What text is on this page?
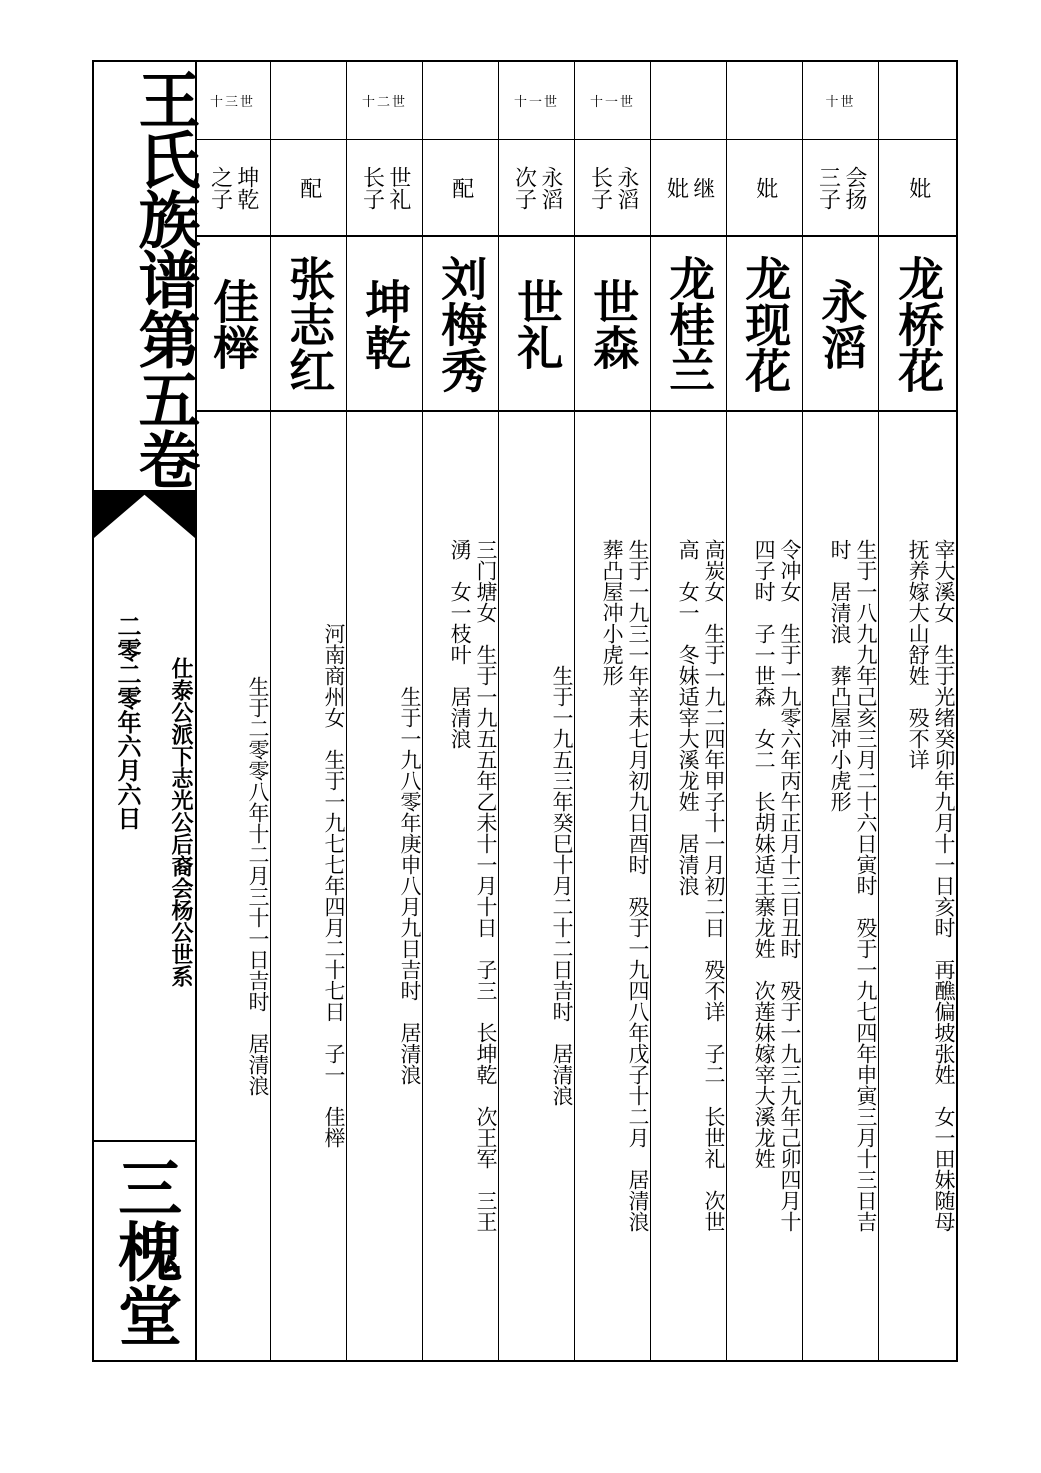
王氏族谱第五卷
仕泰公派下志光公后裔会杨公世系
二零二零年六月六日
三槐堂
十三世
坤乾
之子
佳榉
生于二零零八年十二月三十一日吉时　居清浪
配
张志红
河南商州女　生于一九七七年四月二十七日　子一　佳榉
十二世
世礼
长子
坤乾
生于一九八零年庚申八月九日吉时　居清浪
配
刘梅秀
三门塘女　生于一九五五年乙未十一月十日　子三　长坤乾　次王军　三王
湧　女一枝叶　居清浪
十一世
永滔
次子
世礼
生于一九五三年癸巳十月二十二日吉时　居清浪
十一世
永滔
长子
世森
生于一九三一年辛未七月初九日酉时　殁于一九四八年戊子十二月　居清浪
葬凸屋冲小虎形
继
妣
龙桂兰
高炭女　生于一九二四年甲子十一月初二日　殁不详　子二　长世礼　次世
高　女一　冬妹适宰大溪龙姓　居清浪
妣
龙现花
令冲女　生于一九零六年丙午正月十三日丑时　殁于一九三九年己卯四月十
四子时　子一世森　女二　长胡妹适王寨龙姓　次莲妹嫁宰大溪龙姓
十世
会扬
三子
永滔
生于一八九九年己亥三月二十六日寅时　殁于一九七四年申寅三月十三日吉
时　居清浪　葬凸屋冲小虎形
妣
龙桥花
宰大溪女　生于光绪癸卯年九月十一日亥时　再醮偏坡张姓　女一田妹随母
抚养嫁大山舒姓　殁不详
